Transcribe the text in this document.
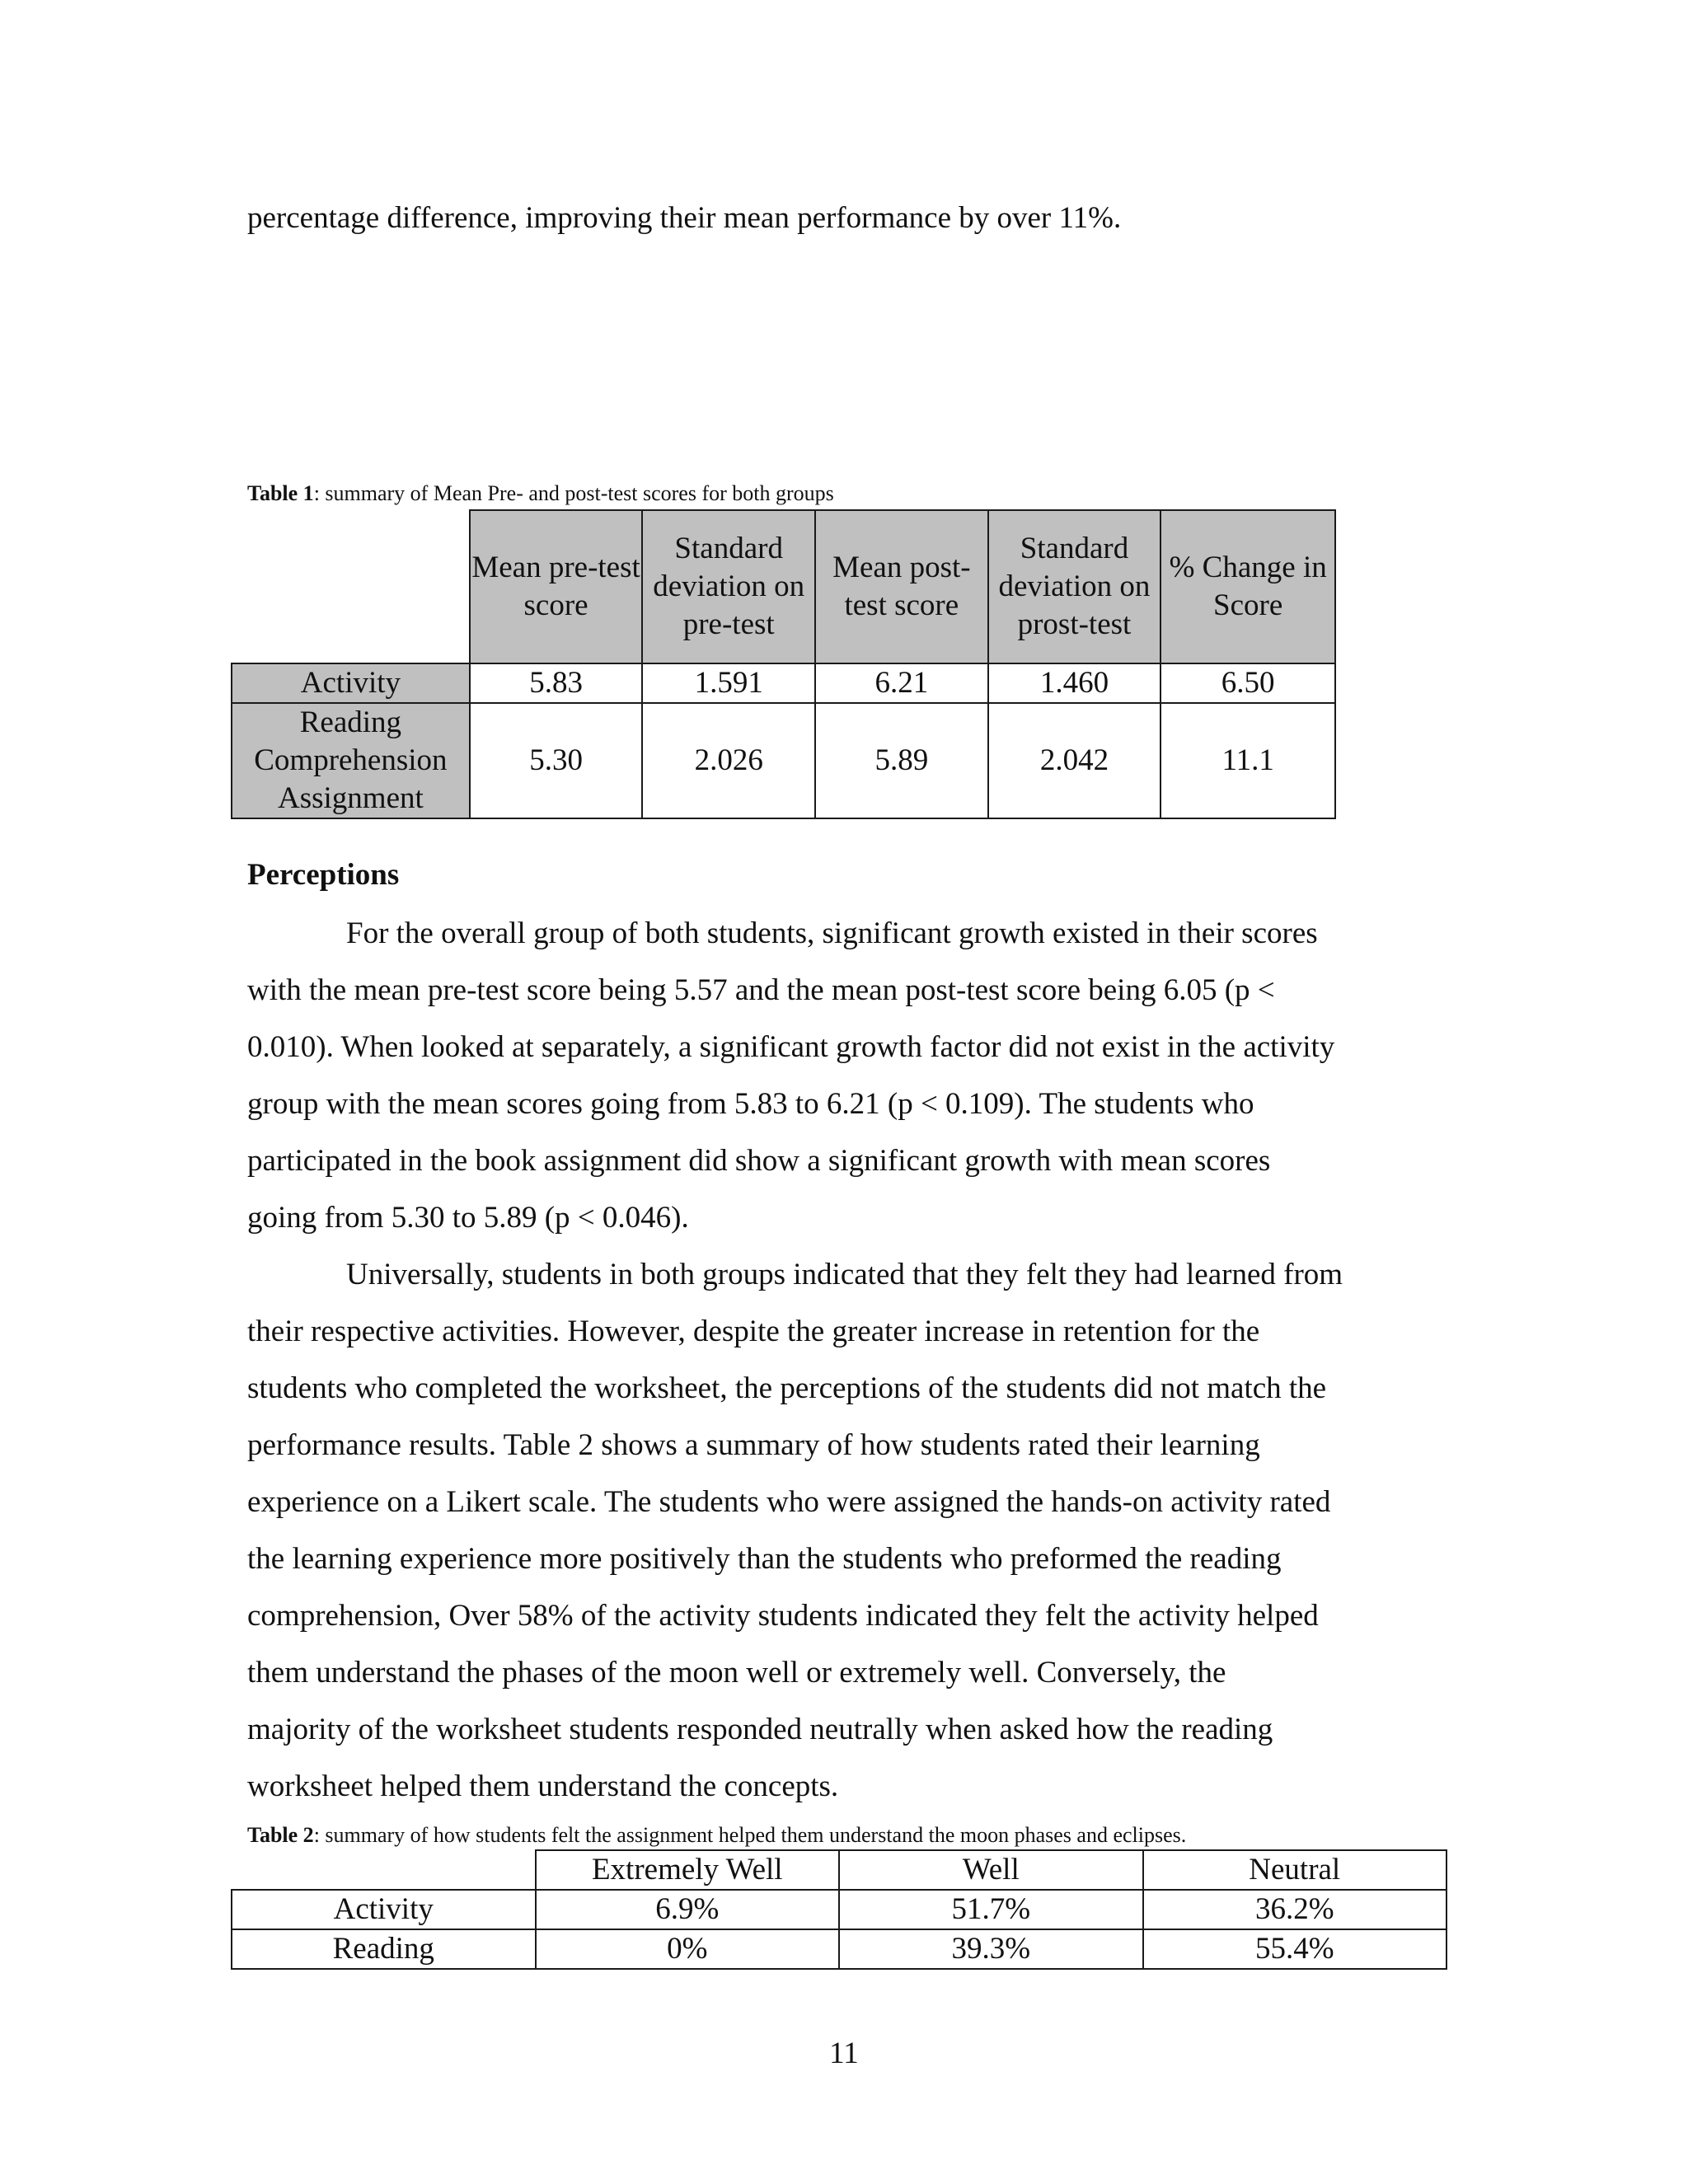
percentage difference, improving their mean performance by over 11%.
Table 1: summary of Mean Pre- and post-test scores for both groups
	Mean pre-test score	Standard deviation on pre-test	Mean post-test score	Standard deviation on prost-test	% Change in Score
Activity	5.83	1.591	6.21	1.460	6.50
Reading Comprehension Assignment	5.30	2.026	5.89	2.042	11.1
Perceptions
For the overall group of both students, significant growth existed in their scores
with the mean pre-test score being 5.57 and the mean post-test score being 6.05 (p <
0.010). When looked at separately, a significant growth factor did not exist in the activity
group with the mean scores going from 5.83 to 6.21 (p < 0.109). The students who
participated in the book assignment did show a significant growth with mean scores
going from 5.30 to 5.89 (p < 0.046).
Universally, students in both groups indicated that they felt they had learned from
their respective activities. However, despite the greater increase in retention for the
students who completed the worksheet, the perceptions of the students did not match the
performance results. Table 2 shows a summary of how students rated their learning
experience on a Likert scale. The students who were assigned the hands-on activity rated
the learning experience more positively than the students who preformed the reading
comprehension, Over 58% of the activity students indicated they felt the activity helped
them understand the phases of the moon well or extremely well. Conversely, the
majority of the worksheet students responded neutrally when asked how the reading
worksheet helped them understand the concepts.
Table 2: summary of how students felt the assignment helped them understand the moon phases and eclipses.
	Extremely Well	Well	Neutral
Activity	6.9%	51.7%	36.2%
Reading	0%	39.3%	55.4%
11
